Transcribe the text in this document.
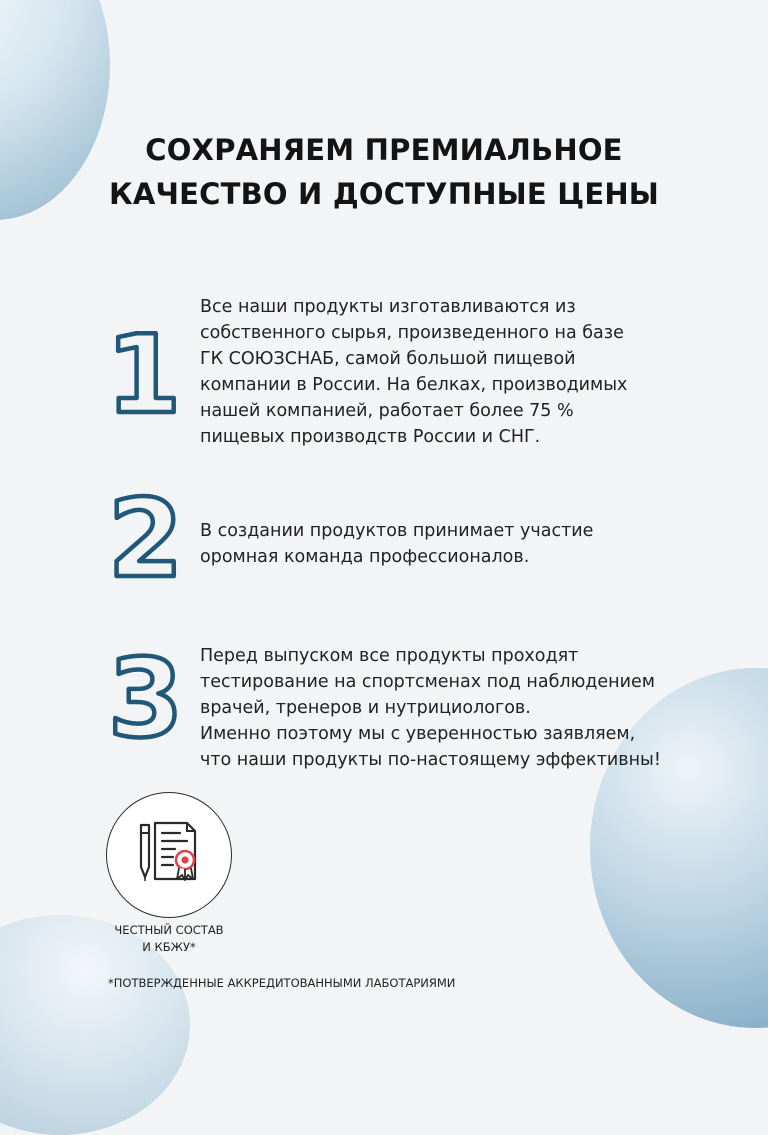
СОХРАНЯЕМ ПРЕМИАЛЬНОЕ
КАЧЕСТВО И ДОСТУПНЫЕ ЦЕНЫ
1

Все наши продукты изготавливаются из
собственного сырья, произведенного на базе
ГК СОЮЗСНАБ, самой большой пищевой
компании в России. На белках, производимых
нашей компанией, работает более 75 %
пищевых производств России и СНГ.

2 В создании продуктов принимает участие
оромная команда профессионалов.

3 Перед выпуском все продукты проходят
тестирование на спортсменах под наблюдением
врачей, тренеров и нутрициологов.
Именно поэтому мы с уверенностью заявляем,
что наши продукты по-настоящему эффективны!

ЧЕСТНЫЙ СОСТАВ
И КБЖУ*

*ПОТВЕРЖДЕННЫЕ АККРЕДИТОВАННЫМИ ЛАБОТАРИЯМИ
